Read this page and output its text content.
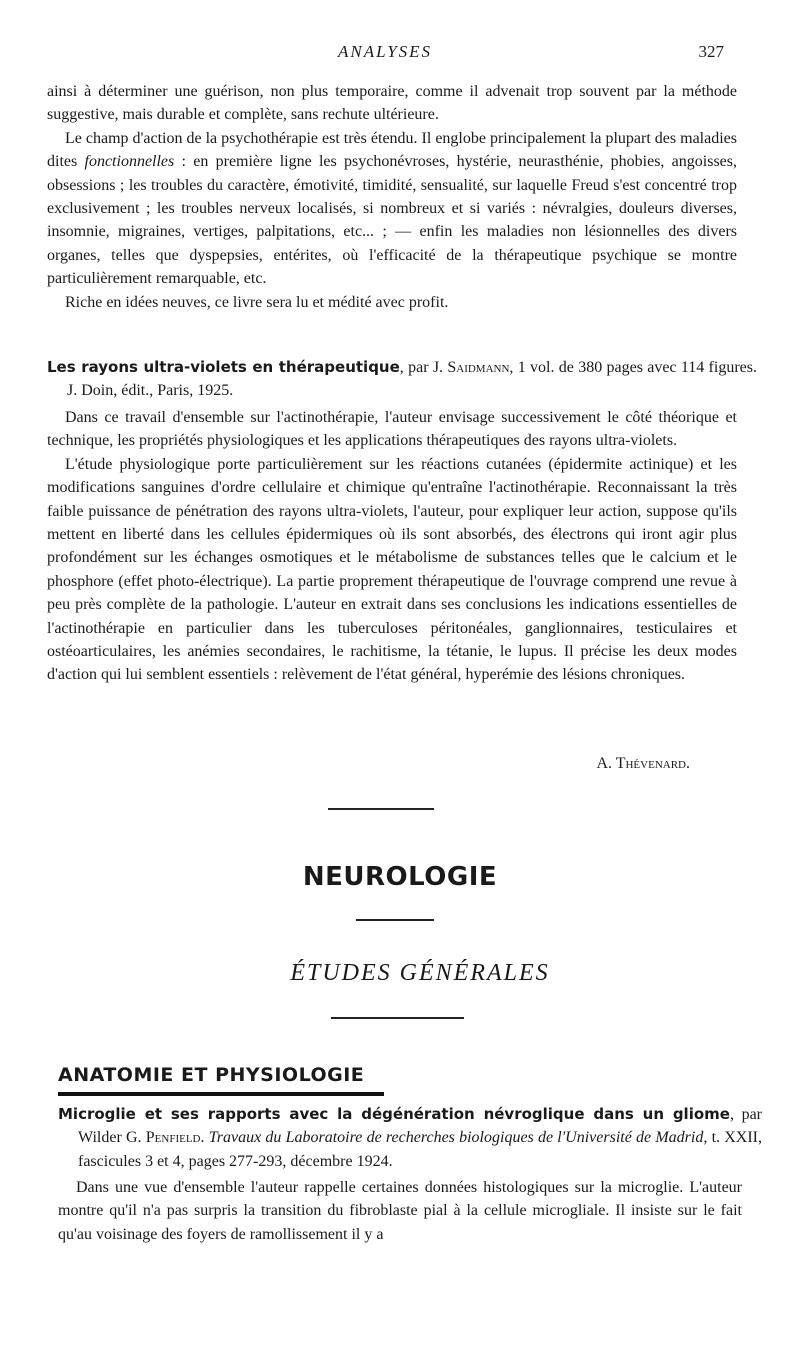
ANALYSES	327

ainsi à déterminer une guérison, non plus temporaire, comme il advenait trop souvent par la méthode suggestive, mais durable et complète, sans rechute ultérieure.

Le champ d'action de la psychothérapie est très étendu. Il englobe principalement la plupart des maladies dites fonctionnelles : en première ligne les psychonévroses, hystérie, neurasthénie, phobies, angoisses, obsessions ; les troubles du caractère, émotivité, timidité, sensualité, sur laquelle Freud s'est concentré trop exclusivement ; les troubles nerveux localisés, si nombreux et si variés : névralgies, douleurs diverses, insomnie, migraines, vertiges, palpitations, etc... ; — enfin les maladies non lésionnelles des divers organes, telles que dyspepsies, entérites, où l'efficacité de la thérapeutique psychique se montre particulièrement remarquable, etc.

Riche en idées neuves, ce livre sera lu et médité avec profit.

Les rayons ultra-violets en thérapeutique, par J. Saidmann, 1 vol. de 380 pages avec 114 figures. J. Doin, édit., Paris, 1925.

Dans ce travail d'ensemble sur l'actinothérapie, l'auteur envisage successivement le côté théorique et technique, les propriétés physiologiques et les applications thérapeutiques des rayons ultra-violets.

L'étude physiologique porte particulièrement sur les réactions cutanées (épidermite actinique) et les modifications sanguines d'ordre cellulaire et chimique qu'entraîne l'actinothérapie. Reconnaissant la très faible puissance de pénétration des rayons ultra-violets, l'auteur, pour expliquer leur action, suppose qu'ils mettent en liberté dans les cellules épidermiques où ils sont absorbés, des électrons qui iront agir plus profondément sur les échanges osmotiques et le métabolisme de substances telles que le calcium et le phosphore (effet photo-électrique). La partie proprement thérapeutique de l'ouvrage comprend une revue à peu près complète de la pathologie. L'auteur en extrait dans ses conclusions les indications essentielles de l'actinothérapie en particulier dans les tuberculoses péritonéales, ganglionnaires, testiculaires et ostéoarticulaires, les anémies secondaires, le rachitisme, la tétanie, le lupus. Il précise les deux modes d'action qui lui semblent essentiels : relèvement de l'état général, hyperémie des lésions chroniques.

A. Thévenard.
NEUROLOGIE
ÉTUDES GÉNÉRALES
ANATOMIE ET PHYSIOLOGIE
Microglie et ses rapports avec la dégénération névroglique dans un gliome, par Wilder G. Penfield. Travaux du Laboratoire de recherches biologiques de l'Université de Madrid, t. XXII, fascicules 3 et 4, pages 277-293, décembre 1924.

Dans une vue d'ensemble l'auteur rappelle certaines données histologiques sur la microglie. L'auteur montre qu'il n'a pas surpris la transition du fibroblaste pial à la cellule microgliale. Il insiste sur le fait qu'au voisinage des foyers de ramollissement il y a
